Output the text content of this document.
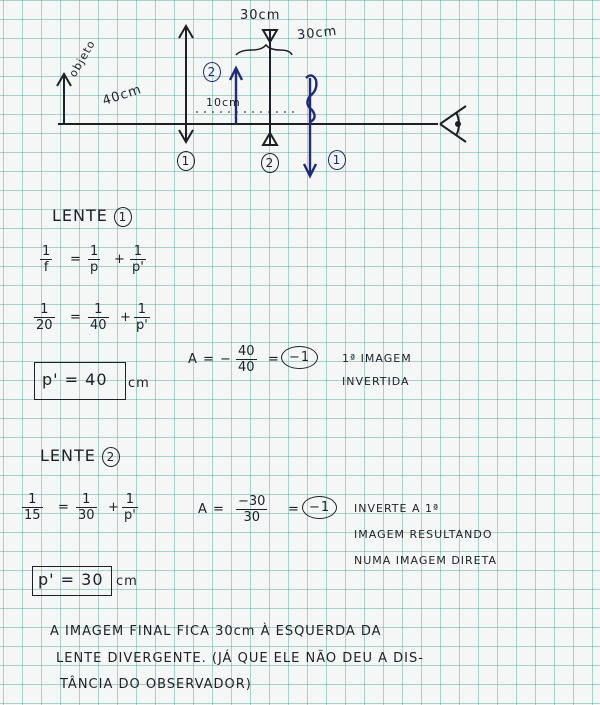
objeto
40cm
30cm
30cm
10cm
1	2
2
1
LENTE 1
$\frac{1}{f} = \frac{1}{p} + \frac{1}{p'}$
$\frac{1}{20} = \frac{1}{40} + \frac{1}{p'}$
p' = 40 cm
A = − $\frac{40}{40} = -1$	1ª IMAGEM
INVERTIDA
LENTE 2
$\frac{1}{15} = \frac{1}{30} + \frac{1}{p'}$
p' = 30 cm
$A = \frac{-30}{30} = -1$	INVERTE A 1ª
IMAGEM RESULTANDO
NUMA IMAGEM DIRETA
A IMAGEM FINAL FICA 30cm À ESQUERDA DA
LENTE DIVERGENTE. (JÁ QUE ELE NÃO DEU A DIS-
TÂNCIA DO OBSERVADOR)
